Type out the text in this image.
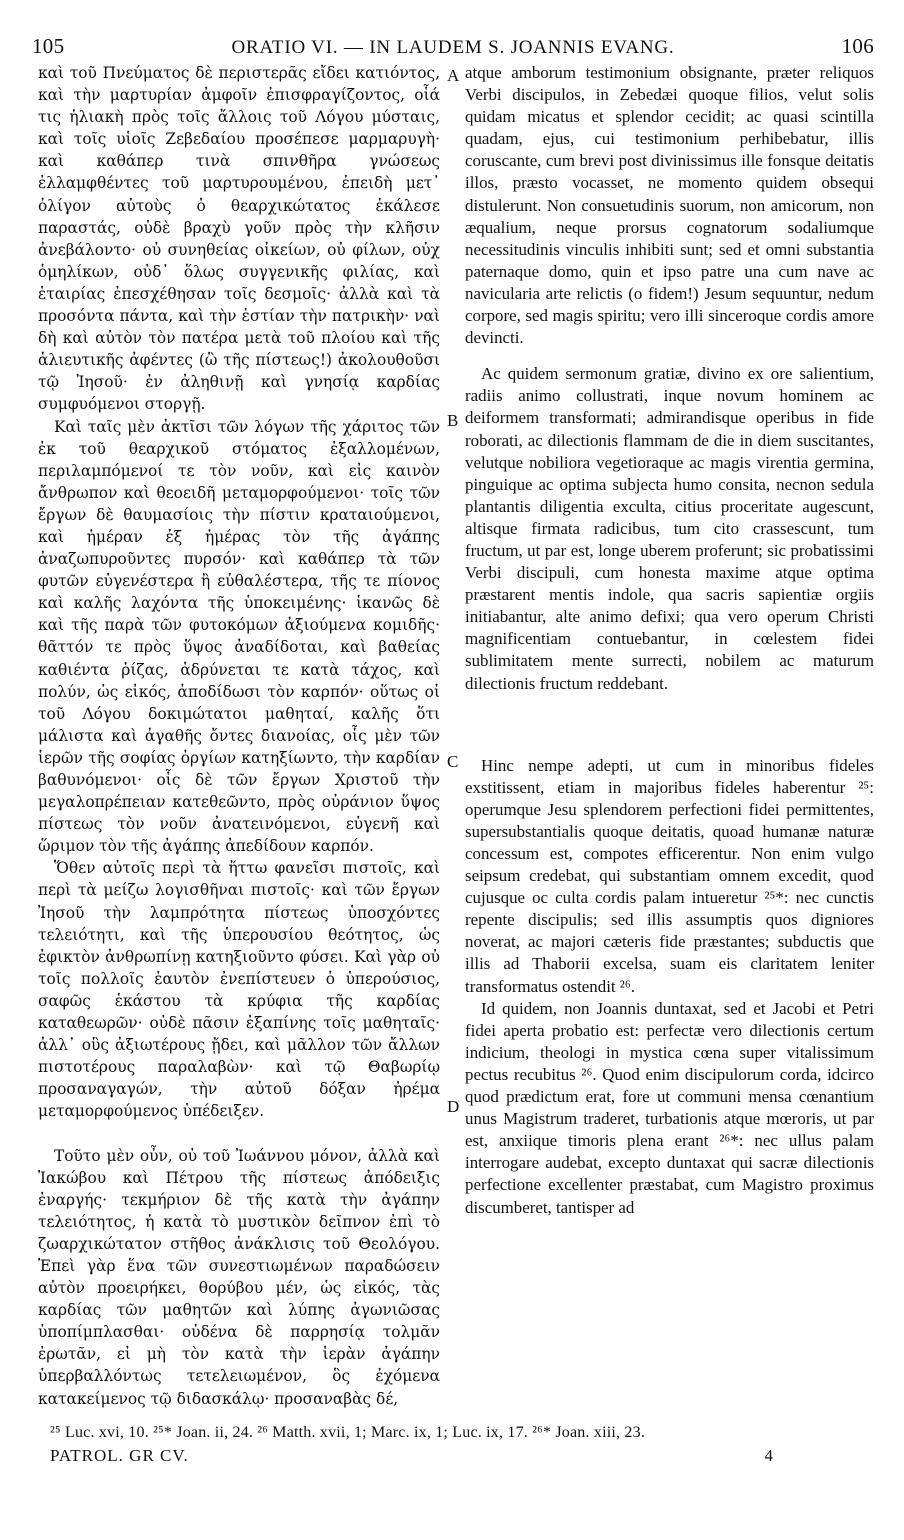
105	ORATIO VI. — IN LAUDEM S. JOANNIS EVANG.	106

καὶ τοῦ Πνεύματος δὲ περιστερᾶς εἴδει κατιόντος, καὶ τὴν μαρτυρίαν ἀμφοῖν ἐπισφραγίζοντος, οἷά τις ἡλιακὴ πρὸς τοῖς ἄλλοις τοῦ Λόγου μύσταις, καὶ τοῖς υἱοῖς Ζεβεδαίου προσέπεσε μαρμαρυγὴ· καὶ καθάπερ τινὰ σπινθῆρα γνώσεως ἐλλαμφθέντες τοῦ μαρτυρουμένου, ἐπειδὴ μετ᾽ ὀλίγον αὐτοὺς ὁ θεαρχικώτατος ἐκάλεσε παραστάς, οὐδὲ βραχὺ γοῦν πρὸς τὴν κλῆσιν ἀνεβάλοντο· οὐ συνηθείας οἰκείων, οὐ φίλων, οὐχ ὁμηλίκων, οὐδ᾽ ὅλως συγγενικῆς φιλίας, καὶ ἑταιρίας ἐπεσχέθησαν τοῖς δεσμοῖς· ἀλλὰ καὶ τὰ προσόντα πάντα, καὶ τὴν ἑστίαν τὴν πατρικὴν· ναὶ δὴ καὶ αὐτὸν τὸν πατέρα μετὰ τοῦ πλοίου καὶ τῆς ἁλιευτικῆς ἀφέντες (ὢ τῆς πίστεως!) ἀκολουθοῦσι τῷ Ἰησοῦ· ἐν ἀληθινῇ καὶ γνησίᾳ καρδίας συμφυόμενοι στοργῇ.

Καὶ ταῖς μὲν ἀκτῖσι τῶν λόγων τῆς χάριτος τῶν ἐκ τοῦ θεαρχικοῦ στόματος ἐξαλλομένων, περιλαμπόμενοί τε τὸν νοῦν, καὶ εἰς καινὸν ἄνθρωπον καὶ θεοειδῆ μεταμορφούμενοι· τοῖς τῶν ἔργων δὲ θαυμασίοις τὴν πίστιν κραταιούμενοι, καὶ ἡμέραν ἐξ ἡμέρας τὸν τῆς ἀγάπης ἀναζωπυροῦντες πυρσόν· καὶ καθάπερ τὰ τῶν φυτῶν εὐγενέστερα ἢ εὐθαλέστερα, τῆς τε πίονος καὶ καλῆς λαχόντα τῆς ὑποκειμένης· ἱκανῶς δὲ καὶ τῆς παρὰ τῶν φυτοκόμων ἀξιούμενα κομιδῆς· θᾶττόν τε πρὸς ὕψος ἀναδίδοται, καὶ βαθείας καθιέντα ῥίζας, ἁδρύνεται τε κατὰ τάχος, καὶ πολύν, ὡς εἰκός, ἀποδίδωσι τὸν καρπόν· οὕτως οἱ τοῦ Λόγου δοκιμώτατοι μαθηταί, καλῆς ὅτι μάλιστα καὶ ἀγαθῆς ὄντες διανοίας, οἷς μὲν τῶν ἱερῶν τῆς σοφίας ὀργίων κατηξίωντο, τὴν καρδίαν βαθυνόμενοι· οἷς δὲ τῶν ἔργων Χριστοῦ τὴν μεγαλοπρέπειαν κατεθεῶντο, πρὸς οὐράνιον ὕψος πίστεως τὸν νοῦν ἀνατεινόμενοι, εὐγενῆ καὶ ὥριμον τὸν τῆς ἀγάπης ἀπεδίδουν καρπόν.

Ὅθεν αὐτοῖς περὶ τὰ ἥττω φανεῖσι πιστοῖς, καὶ περὶ τὰ μείζω λογισθῆναι πιστοῖς· καὶ τῶν ἔργων Ἰησοῦ τὴν λαμπρότητα πίστεως ὑποσχόντες τελειότητι, καὶ τῆς ὑπερουσίου θεότητος, ὡς ἐφικτὸν ἀνθρωπίνῃ κατηξιοῦντο φύσει. Καὶ γὰρ οὐ τοῖς πολλοῖς ἑαυτὸν ἐνεπίστευεν ὁ ὑπερούσιος, σαφῶς ἑκάστου τὰ κρύφια τῆς καρδίας καταθεωρῶν· οὐδὲ πᾶσιν ἐξαπίνης τοῖς μαθηταῖς· ἀλλ᾽ οὓς ἀξιωτέρους ᾔδει, καὶ μᾶλλον τῶν ἄλλων πιστοτέρους παραλαβὼν· καὶ τῷ Θαβωρίῳ προσαναγαγών, τὴν αὐτοῦ δόξαν ἠρέμα μεταμορφούμενος ὑπέδειξεν.

Τοῦτο μὲν οὖν, οὐ τοῦ Ἰωάννου μόνον, ἀλλὰ καὶ Ἰακώβου καὶ Πέτρου τῆς πίστεως ἀπόδειξις ἐναργής· τεκμήριον δὲ τῆς κατὰ τὴν ἀγάπην τελειότητος, ἡ κατὰ τὸ μυστικὸν δεῖπνον ἐπὶ τὸ ζωαρχικώτατον στῆθος ἀνάκλισις τοῦ Θεολόγου. Ἐπεὶ γὰρ ἕνα τῶν συνεστιωμένων παραδώσειν αὐτὸν προειρήκει, θορύβου μέν, ὡς εἰκός, τὰς καρδίας τῶν μαθητῶν καὶ λύπης ἀγωνιῶσας ὑποπίμπλασθαι· οὐδένα δὲ παρρησίᾳ τολμᾶν ἐρωτᾶν, εἰ μὴ τὸν κατὰ τὴν ἱερὰν ἀγάπην ὑπερβαλλόντως τετελειωμένον, ὃς ἐχόμενα κατακείμενος τῷ διδασκάλῳ· προσαναβὰς δέ,

atque amborum testimonium obsignante, præter reliquos Verbi discipulos, in Zebedæi quoque filios, velut solis quidam micatus et splendor cecidit; ac quasi scintilla quadam, ejus, cui testimonium perhibebatur, illis coruscante, cum brevi post divinissimus ille fonsque deitatis illos, præsto vocasset, ne momento quidem obsequi distulerunt. Non consuetudinis suorum, non amicorum, non æqualium, neque prorsus cognatorum sodaliumque necessitudinis vinculis inhibiti sunt; sed et omni substantia paternaque domo, quin et ipso patre una cum nave ac navicularia arte relictis (o fidem!) Jesum sequuntur, nedum corpore, sed magis spiritu; vero illi sinceroque cordis amore devincti.

Ac quidem sermonum gratiæ, divino ex ore salientium, radiis animo collustrati, inque novum hominem ac deiformem transformati; admirandisque operibus in fide roborati, ac dilectionis flammam de die in diem suscitantes, velutque nobiliora vegetioraque ac magis virentia germina, pinguique ac optima subjecta humo consita, necnon sedula plantantis diligentia exculta, citius proceritate augescunt, altisque firmata radicibus, tum cito crassescunt, tum fructum, ut par est, longe uberem proferunt; sic probatissimi Verbi discipuli, cum honesta maxime atque optima præstarent mentis indole, qua sacris sapientiæ orgiis initiabantur, alte animo defixi; qua vero operum Christi magnificentiam contuebantur, in cœlestem fidei sublimitatem mente surrecti, nobilem ac maturum dilectionis fructum reddebant.

Hinc nempe adepti, ut cum in minoribus fideles exstitissent, etiam in majoribus fideles haberentur ²⁵: operumque Jesu splendorem perfectioni fidei permittentes, supersubstantialis quoque deitatis, quoad humanæ naturæ concessum est, compotes efficerentur. Non enim vulgo seipsum credebat, qui substantiam omnem excedit, quod cujusque oc culta cordis palam intueretur ²⁵*: nec cunctis repente discipulis; sed illis assumptis quos digniores noverat, ac majori cæteris fide præstantes; subductis que illis ad Thaborii excelsa, suam eis claritatem leniter transformatus ostendit ²⁶.

Id quidem, non Joannis duntaxat, sed et Jacobi et Petri fidei aperta probatio est: perfectæ vero dilectionis certum indicium, theologi in mystica cœna super vitalissimum pectus recubitus ²⁶. Quod enim discipulorum corda, idcirco quod prædictum erat, fore ut communi mensa cœnantium unus Magistrum traderet, turbationis atque mœroris, ut par est, anxiique timoris plena erant ²⁶*: nec ullus palam interrogare audebat, excepto duntaxat qui sacræ dilectionis perfectione excellenter præstabat, cum Magistro proximus discumberet, tantisper ad

A
B
C
D
²⁵ Luc. xvi, 10. ²⁵* Joan. ii, 24. ²⁶ Matth. xvii, 1; Marc. ix, 1; Luc. ix, 17. ²⁶* Joan. xiii, 23.
PATROL. GR CV.	4
